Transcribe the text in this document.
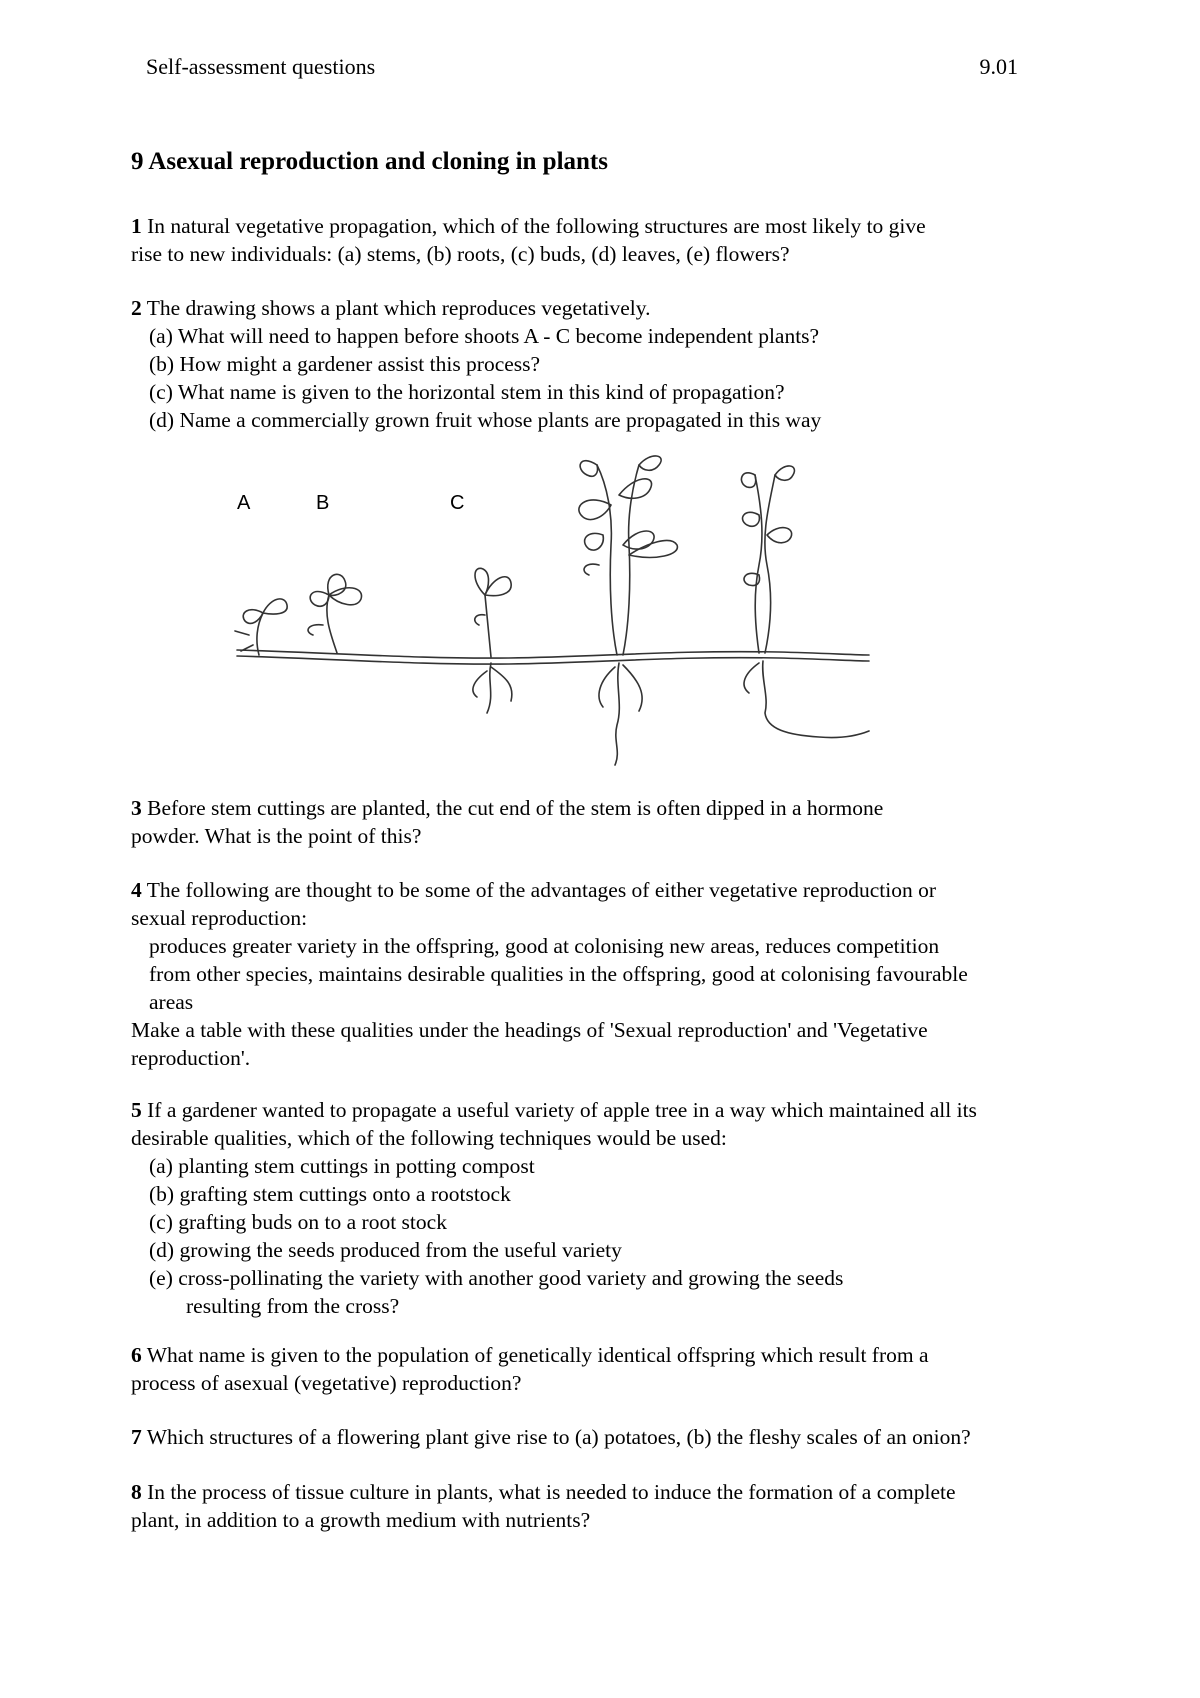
Self-assessment questions	9.01
9 Asexual reproduction and cloning in plants

1 In natural vegetative propagation, which of the following structures are most likely to give

rise to new individuals: (a) stems, (b) roots, (c) buds, (d) leaves, (e) flowers?

2 The drawing shows a plant which reproduces vegetatively.

(a) What will need to happen before shoots A - C become independent plants?

(b) How might a gardener assist this process?

(c) What name is given to the horizontal stem in this kind of propagation?

(d) Name a commercially grown fruit whose plants are propagated in this way

A	B	C

3 Before stem cuttings are planted, the cut end of the stem is often dipped in a hormone

powder. What is the point of this?

4 The following are thought to be some of the advantages of either vegetative reproduction or

sexual reproduction:

produces greater variety in the offspring, good at colonising new areas, reduces competition

from other species, maintains desirable qualities in the offspring, good at colonising favourable

areas

Make a table with these qualities under the headings of 'Sexual reproduction' and 'Vegetative

reproduction'.

5 If a gardener wanted to propagate a useful variety of apple tree in a way which maintained all its

desirable qualities, which of the following techniques would be used:

(a) planting stem cuttings in potting compost

(b) grafting stem cuttings onto a rootstock

(c) grafting buds on to a root stock

(d) growing the seeds produced from the useful variety

(e) cross-pollinating the variety with another good variety and growing the seeds

resulting from the cross?

6 What name is given to the population of genetically identical offspring which result from a

process of asexual (vegetative) reproduction?

7 Which structures of a flowering plant give rise to (a) potatoes, (b) the fleshy scales of an onion?

8 In the process of tissue culture in plants, what is needed to induce the formation of a complete

plant, in addition to a growth medium with nutrients?
